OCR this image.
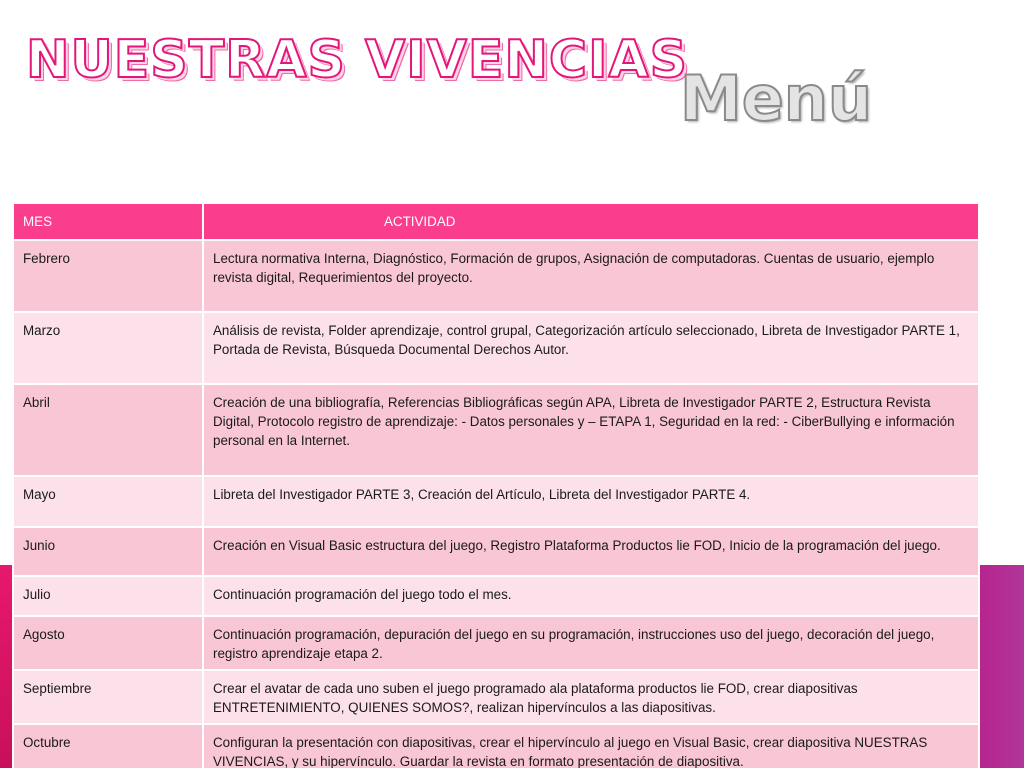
NUESTRAS VIVENCIAS
Menú
MES	ACTIVIDAD
Febrero	Lectura normativa Interna, Diagnóstico, Formación de grupos, Asignación de computadoras. Cuentas de usuario, ejemplo revista digital, Requerimientos del proyecto.
Marzo	Análisis de revista, Folder aprendizaje, control grupal, Categorización artículo seleccionado, Libreta de Investigador PARTE 1, Portada de Revista, Búsqueda Documental Derechos Autor.
Abril	Creación de una bibliografía, Referencias Bibliográficas según APA, Libreta de Investigador PARTE 2, Estructura Revista Digital, Protocolo registro de aprendizaje: - Datos personales y – ETAPA 1, Seguridad en la red: - CiberBullying e información personal en la Internet.
Mayo	Libreta del Investigador PARTE 3, Creación del Artículo, Libreta del Investigador PARTE 4.
Junio	Creación en Visual Basic estructura del juego, Registro Plataforma Productos lie FOD, Inicio de la programación del juego.
Julio	Continuación programación del juego todo el mes.
Agosto	Continuación programación, depuración del juego en su programación, instrucciones uso del juego, decoración del juego, registro aprendizaje etapa 2.
Septiembre	Crear el avatar de cada uno suben el juego programado ala plataforma productos lie FOD, crear diapositivas ENTRETENIMIENTO, QUIENES SOMOS?, realizan hipervínculos a las diapositivas.
Octubre	Configuran la presentación con diapositivas, crear el hipervínculo al juego en Visual Basic, crear diapositiva NUESTRAS VIVENCIAS, y su hipervínculo. Guardar la revista en formato presentación de diapositiva.
